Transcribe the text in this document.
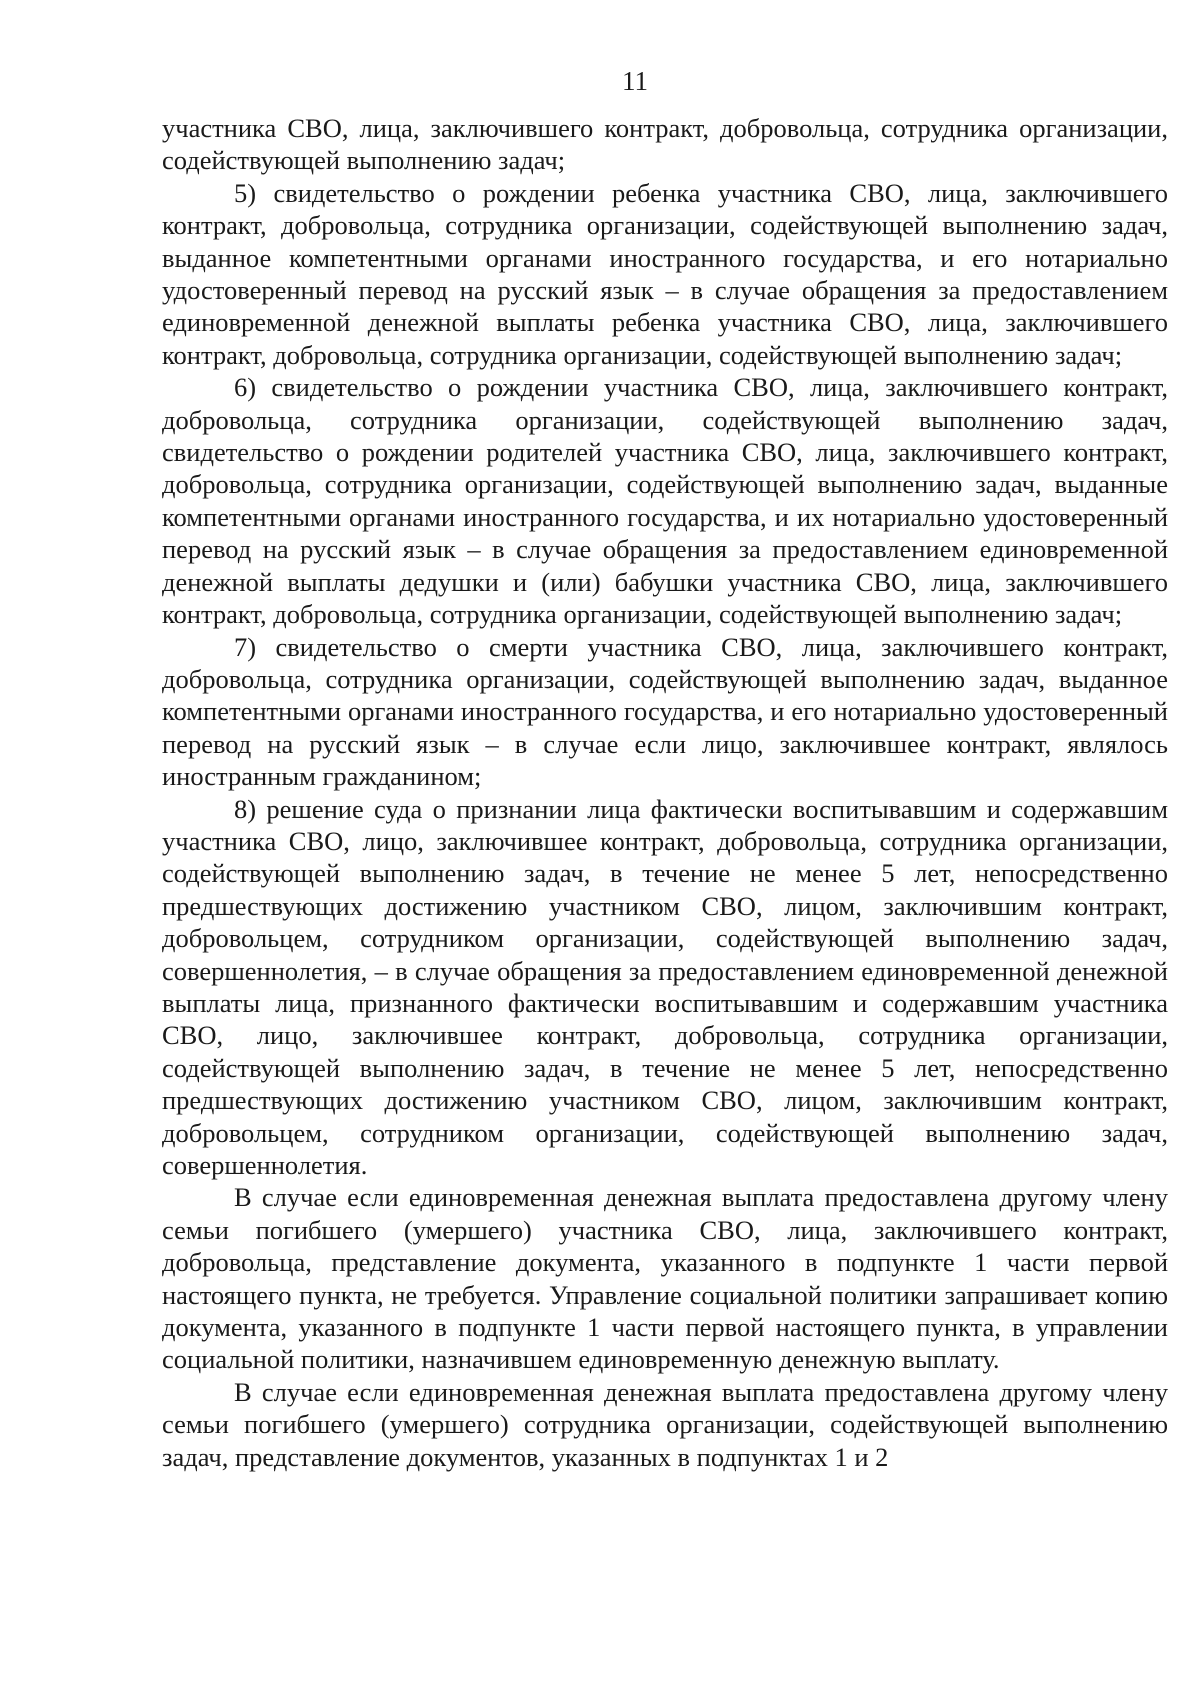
11

участника СВО, лица, заключившего контракт, добровольца, сотрудника организации, содействующей выполнению задач;

5) свидетельство о рождении ребенка участника СВО, лица, заключившего контракт, добровольца, сотрудника организации, содействующей выполнению задач, выданное компетентными органами иностранного государства, и его нотариально удостоверенный перевод на русский язык – в случае обращения за предоставлением единовременной денежной выплаты ребенка участника СВО, лица, заключившего контракт, добровольца, сотрудника организации, содействующей выполнению задач;

6) свидетельство о рождении участника СВО, лица, заключившего контракт, добровольца, сотрудника организации, содействующей выполнению задач, свидетельство о рождении родителей участника СВО, лица, заключившего контракт, добровольца, сотрудника организации, содействующей выполнению задач, выданные компетентными органами иностранного государства, и их нотариально удостоверенный перевод на русский язык – в случае обращения за предоставлением единовременной денежной выплаты дедушки и (или) бабушки участника СВО, лица, заключившего контракт, добровольца, сотрудника организации, содействующей выполнению задач;

7) свидетельство о смерти участника СВО, лица, заключившего контракт, добровольца, сотрудника организации, содействующей выполнению задач, выданное компетентными органами иностранного государства, и его нотариально удостоверенный перевод на русский язык – в случае если лицо, заключившее контракт, являлось иностранным гражданином;

8) решение суда о признании лица фактически воспитывавшим и содержавшим участника СВО, лицо, заключившее контракт, добровольца, сотрудника организации, содействующей выполнению задач, в течение не менее 5 лет, непосредственно предшествующих достижению участником СВО, лицом, заключившим контракт, добровольцем, сотрудником организации, содействующей выполнению задач, совершеннолетия, – в случае обращения за предоставлением единовременной денежной выплаты лица, признанного фактически воспитывавшим и содержавшим участника СВО, лицо, заключившее контракт, добровольца, сотрудника организации, содействующей выполнению задач, в течение не менее 5 лет, непосредственно предшествующих достижению участником СВО, лицом, заключившим контракт, добровольцем, сотрудником организации, содействующей выполнению задач, совершеннолетия.

В случае если единовременная денежная выплата предоставлена другому члену семьи погибшего (умершего) участника СВО, лица, заключившего контракт, добровольца, представление документа, указанного в подпункте 1 части первой настоящего пункта, не требуется. Управление социальной политики запрашивает копию документа, указанного в подпункте 1 части первой настоящего пункта, в управлении социальной политики, назначившем единовременную денежную выплату.

В случае если единовременная денежная выплата предоставлена другому члену семьи погибшего (умершего) сотрудника организации, содействующей выполнению задач, представление документов, указанных в подпунктах 1 и 2
